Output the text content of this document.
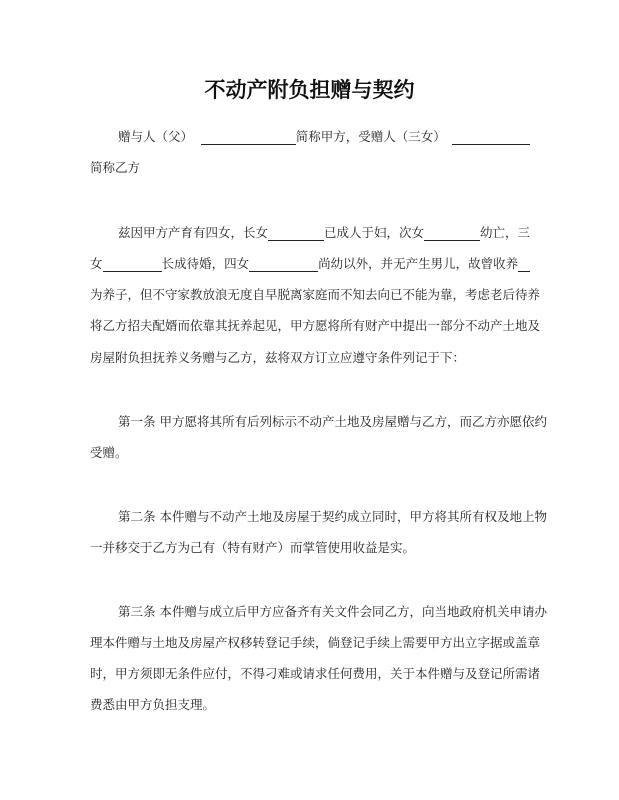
不动产附负担赠与契约
赠与人（父）	简称甲方，受赠人（三女）
简称乙方
兹因甲方产育有四女，长女	已成人于妇，次女	幼亡，三
女	长成待婚，四女	尚幼以外，并无产生男儿，故曾收养
为养子，但不守家教放浪无度自早脱离家庭而不知去向已不能为靠，考虑老后待养
将乙方招夫配婿而依靠其抚养起见，甲方愿将所有财产中提出一部分不动产土地及
房屋附负担抚养义务赠与乙方，兹将双方订立应遵守条件列记于下：
第一条 甲方愿将其所有后列标示不动产土地及房屋赠与乙方，而乙方亦愿依约
受赠。
第二条 本件赠与不动产土地及房屋于契约成立同时，甲方将其所有权及地上物
一并移交于乙方为己有（特有财产）而掌管使用收益是实。
第三条 本件赠与成立后甲方应备齐有关文件会同乙方，向当地政府机关申请办
理本件赠与土地及房屋产权移转登记手续，倘登记手续上需要甲方出立字据或盖章
时，甲方须即无条件应付，不得刁难或请求任何费用，关于本件赠与及登记所需诸
费悉由甲方负担支理。
